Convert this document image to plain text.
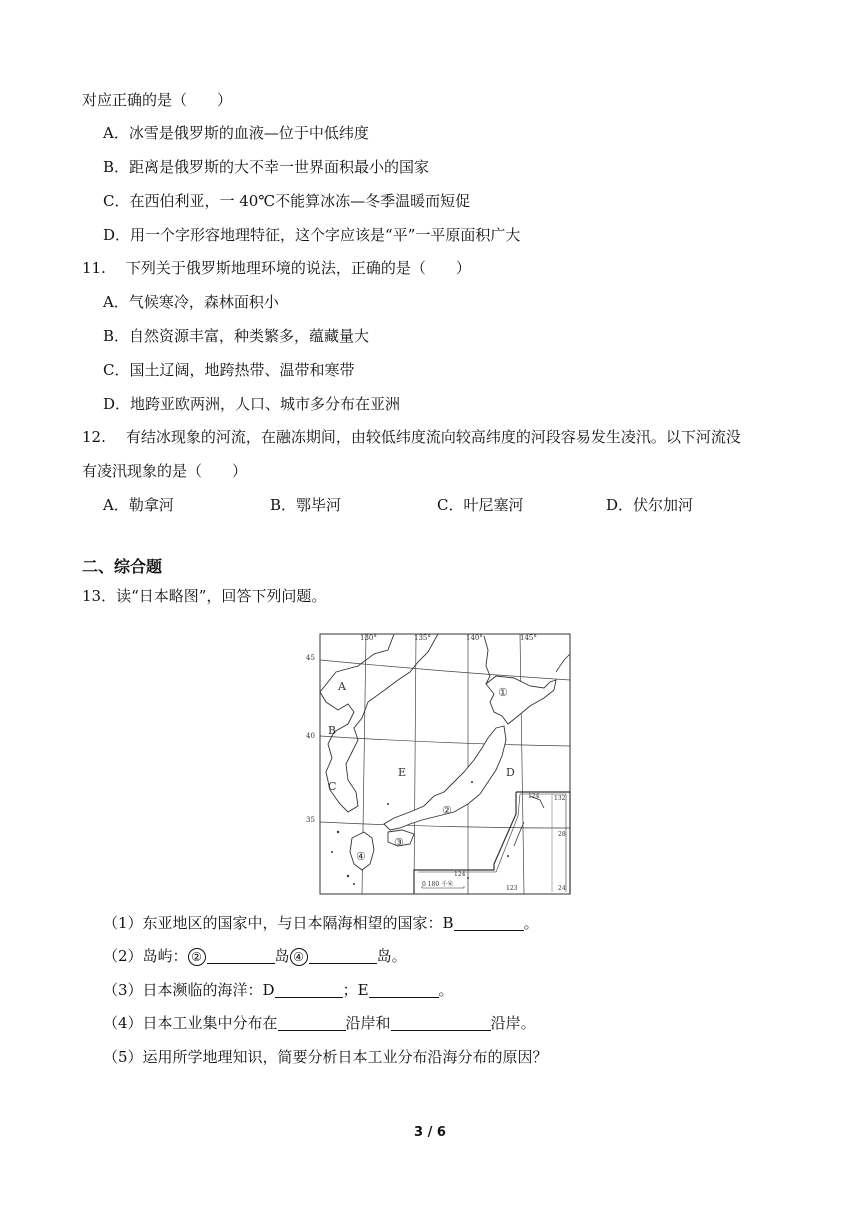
对应正确的是（　　）
A．冰雪是俄罗斯的血液—位于中低纬度
B．距离是俄罗斯的大不幸一世界面积最小的国家
C．在西伯利亚，一 40℃不能算冰冻—冬季温暖而短促
D．用一个字形容地理特征，这个字应该是“平”一平原面积广大
11. 下列关于俄罗斯地理环境的说法，正确的是（　　）
A．气候寒冷，森林面积小
B．自然资源丰富，种类繁多，蕴藏量大
C．国土辽阔，地跨热带、温带和寒带
D．地跨亚欧两洲，人口、城市多分布在亚洲
12. 有结冰现象的河流，在融冻期间，由较低纬度流向较高纬度的河段容易发生凌汛。以下河流没
有凌汛现象的是（　　）
A．勒拿河	B．鄂毕河	C．叶尼塞河	D．伏尔加河
二、综合题
13．读“日本略图”，回答下列问题。
130°	135°	140°	145°
45
40
35
A
B
C
D
E
①
②
③
④
124
132
28
24
123
124
0 180 千米
（1）东亚地区的国家中，与日本隔海相望的国家：B	。
（2）岛屿： ②	岛 ④	岛。
（3）日本濒临的海洋：D	；E	。
（4）日本工业集中分布在	沿岸和	沿岸。
（5）运用所学地理知识，简要分析日本工业分布沿海分布的原因？
3 / 6
